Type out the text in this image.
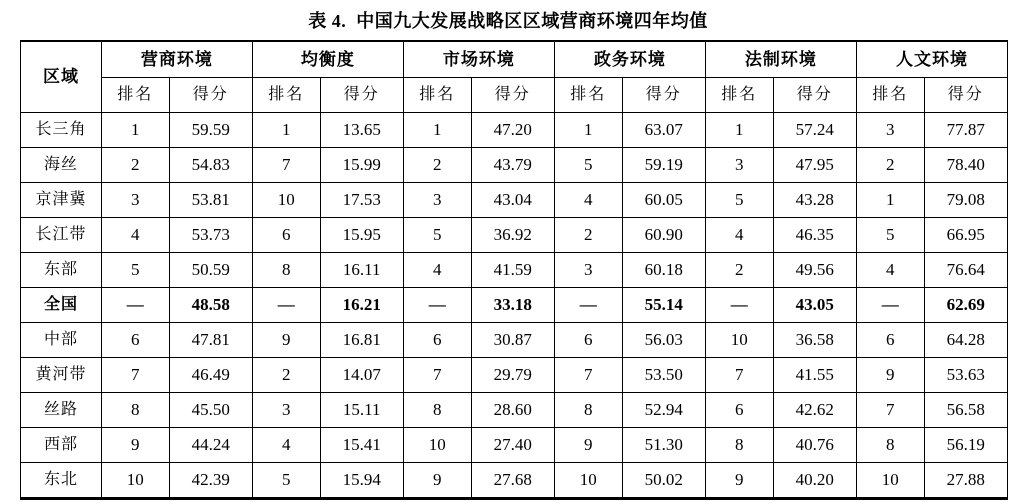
表 4.  中国九大发展战略区区域营商环境四年均值
区域	营商环境		均衡度		市场环境		政务环境		法制环境		人文环境	
	排名	得分	排名	得分	排名	得分	排名	得分	排名	得分	排名	得分
长三角	1	59.59	1	13.65	1	47.20	1	63.07	1	57.24	3	77.87
海丝	2	54.83	7	15.99	2	43.79	5	59.19	3	47.95	2	78.40
京津冀	3	53.81	10	17.53	3	43.04	4	60.05	5	43.28	1	79.08
长江带	4	53.73	6	15.95	5	36.92	2	60.90	4	46.35	5	66.95
东部	5	50.59	8	16.11	4	41.59	3	60.18	2	49.56	4	76.64
全国	—	48.58	—	16.21	—	33.18	—	55.14	—	43.05	—	62.69
中部	6	47.81	9	16.81	6	30.87	6	56.03	10	36.58	6	64.28
黄河带	7	46.49	2	14.07	7	29.79	7	53.50	7	41.55	9	53.63
丝路	8	45.50	3	15.11	8	28.60	8	52.94	6	42.62	7	56.58
西部	9	44.24	4	15.41	10	27.40	9	51.30	8	40.76	8	56.19
东北	10	42.39	5	15.94	9	27.68	10	50.02	9	40.20	10	27.88
